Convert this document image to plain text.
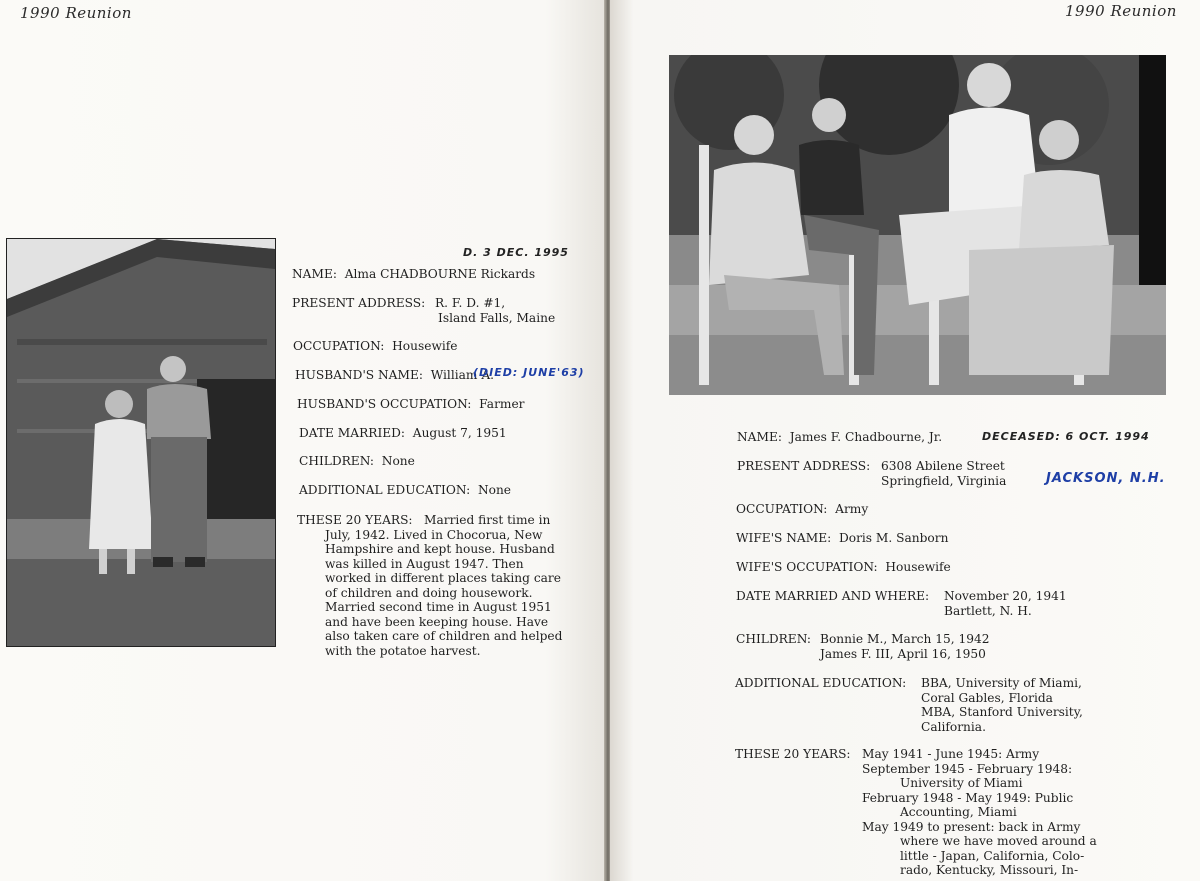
1990 Reunion
D. 3 DEC. 1995
NAME: Alma CHADBOURNE Rickards
PRESENT ADDRESS: R. F. D. #1,
Island Falls, Maine
OCCUPATION: Housewife
HUSBAND'S NAME: William A.
(DIED: JUNE'63)
HUSBAND'S OCCUPATION: Farmer
DATE MARRIED: August 7, 1951
CHILDREN: None
ADDITIONAL EDUCATION: None
THESE 20 YEARS: Married first time in
July, 1942. Lived in Chocorua, New
Hampshire and kept house. Husband
was killed in August 1947. Then
worked in different places taking care
of children and doing housework.
Married second time in August 1951
and have been keeping house. Have
also taken care of children and helped
with the potatoe harvest.
1990 Reunion
NAME: James F. Chadbourne, Jr.	DECEASED: 6 OCT. 1994
PRESENT ADDRESS: 6308 Abilene Street
Springfield, Virginia	JACKSON, N.H.
OCCUPATION: Army
WIFE'S NAME: Doris M. Sanborn
WIFE'S OCCUPATION: Housewife
DATE MARRIED AND WHERE: November 20, 1941
Bartlett, N. H.
CHILDREN: Bonnie M., March 15, 1942
James F. III, April 16, 1950
ADDITIONAL EDUCATION: BBA, University of Miami,
Coral Gables, Florida
MBA, Stanford University,
California.
THESE 20 YEARS: May 1941 - June 1945: Army
September 1945 - February 1948:
University of Miami
February 1948 - May 1949: Public
Accounting, Miami
May 1949 to present: back in Army
where we have moved around a
little - Japan, California, Colo-
rado, Kentucky, Missouri, In-
